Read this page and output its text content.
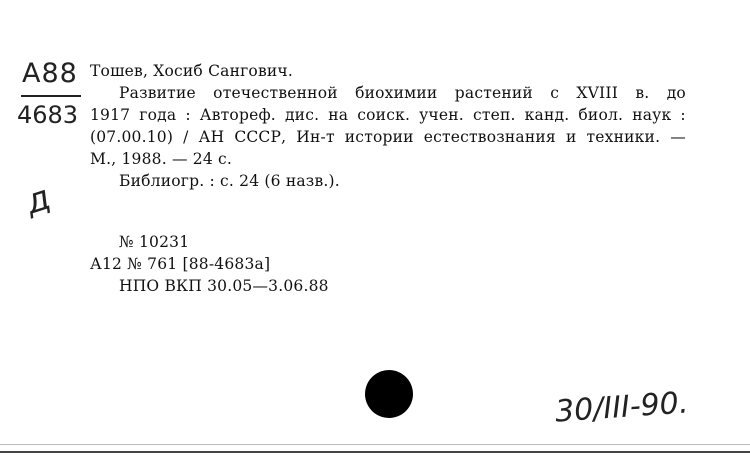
А88
4683
д
Тошев, Хосиб Сангович.
Развитие отечественной биохимии растений с XVIII в. до
1917 года : Автореф. дис. на соиск. учен. степ. канд. биол. наук :
(07.00.10) / АН СССР, Ин-т истории естествознания и техники. —
М., 1988. — 24 с.
Библиогр. : с. 24 (6 назв.).
№ 10231
А12 № 761 [88-4683а]
НПО ВКП 30.05—3.06.88
30/III-90.
